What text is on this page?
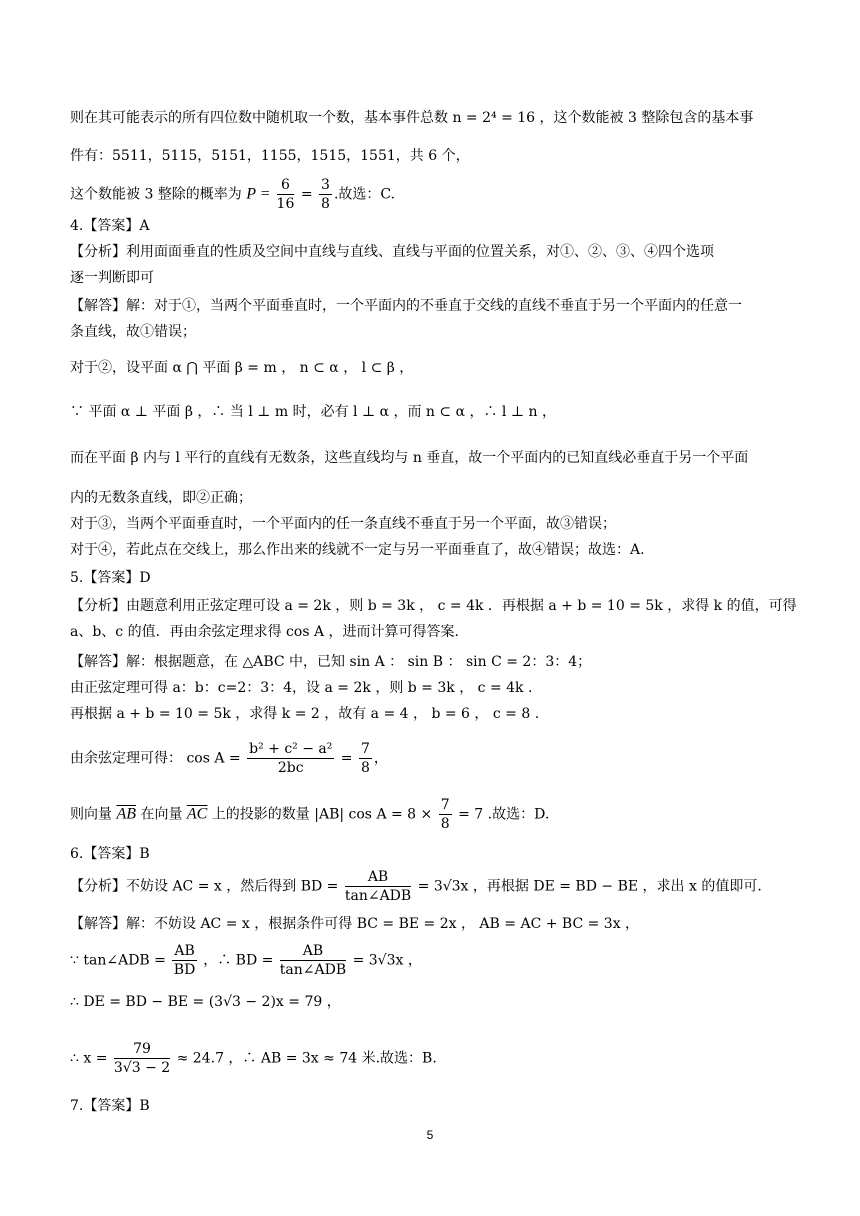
则在其可能表示的所有四位数中随机取一个数，基本事件总数 n = 2⁴ = 16 ，这个数能被 3 整除包含的基本事
件有：5511，5115，5151，1155，1515，1551，共 6 个，
这个数能被 3 整除的概率为 $P = \frac{6}{16} = \frac{3}{8}$ .故选：C.
4.【答案】A
【分析】利用面面垂直的性质及空间中直线与直线、直线与平面的位置关系，对①、②、③、④四个选项
逐一判断即可
【解答】解：对于①，当两个平面垂直时，一个平面内的不垂直于交线的直线不垂直于另一个平面内的任意一
条直线，故①错误；
对于②，设平面 α ⋂ 平面 β = m ， n ⊂ α ， l ⊂ β ，
∵ 平面 α ⊥ 平面 β ，∴ 当 l ⊥ m 时，必有 l ⊥ α ，而 n ⊂ α ，∴ l ⊥ n ，
而在平面 β 内与 l 平行的直线有无数条，这些直线均与 n 垂直，故一个平面内的已知直线必垂直于另一个平面
内的无数条直线，即②正确；
对于③，当两个平面垂直时，一个平面内的任一条直线不垂直于另一个平面，故③错误；
对于④，若此点在交线上，那么作出来的线就不一定与另一平面垂直了，故④错误；故选：A.
5.【答案】D
【分析】由题意利用正弦定理可设 a = 2k ，则 b = 3k ， c = 4k ．再根据 a + b = 10 = 5k ，求得 k 的值，可得
a、b、c 的值．再由余弦定理求得 cos A ，进而计算可得答案.
【解答】解：根据题意，在 △ABC 中，已知 sin A ： sin B ： sin C = 2：3：4；
由正弦定理可得 a：b：c=2：3：4，设 a = 2k ，则 b = 3k ， c = 4k .
再根据 a + b = 10 = 5k ，求得 k = 2 ，故有 a = 4 ， b = 6 ， c = 8 .
由余弦定理可得： $\cos A = \frac{\text{b² + c² − a²}}{2bc} = \frac{7}{8}$ ，
则向量 $\overline{AB}$ 在向量 $\overline{AC}$ 上的投影的数量 |AB| $\cos A = 8 \times \frac{7}{8} = 7$ .故选：D.
6.【答案】B
【分析】不妨设 AC = x ，然后得到 BD = $\frac{AB}{\text{tan∠ADB}} = 3√3x$ ，再根据 DE = BD − BE ，求出 x 的值即可.
【解答】解：不妨设 AC = x ，根据条件可得 BC = BE = 2x ， AB = AC + BC = 3x ，
∵ tan∠ADB = $\frac{AB}{BD}$ ，∴ BD = $\frac{AB}{\text{tan∠ADB}} = 3√3x$ ，
∴ DE = BD − BE = (3√3 − 2)x = 79 ，
∴ $x = \frac{79}{3√3 - 2} \approx 24.7$ ，∴ AB = 3x ≈ 74 米.故选：B.
7.【答案】B
5
